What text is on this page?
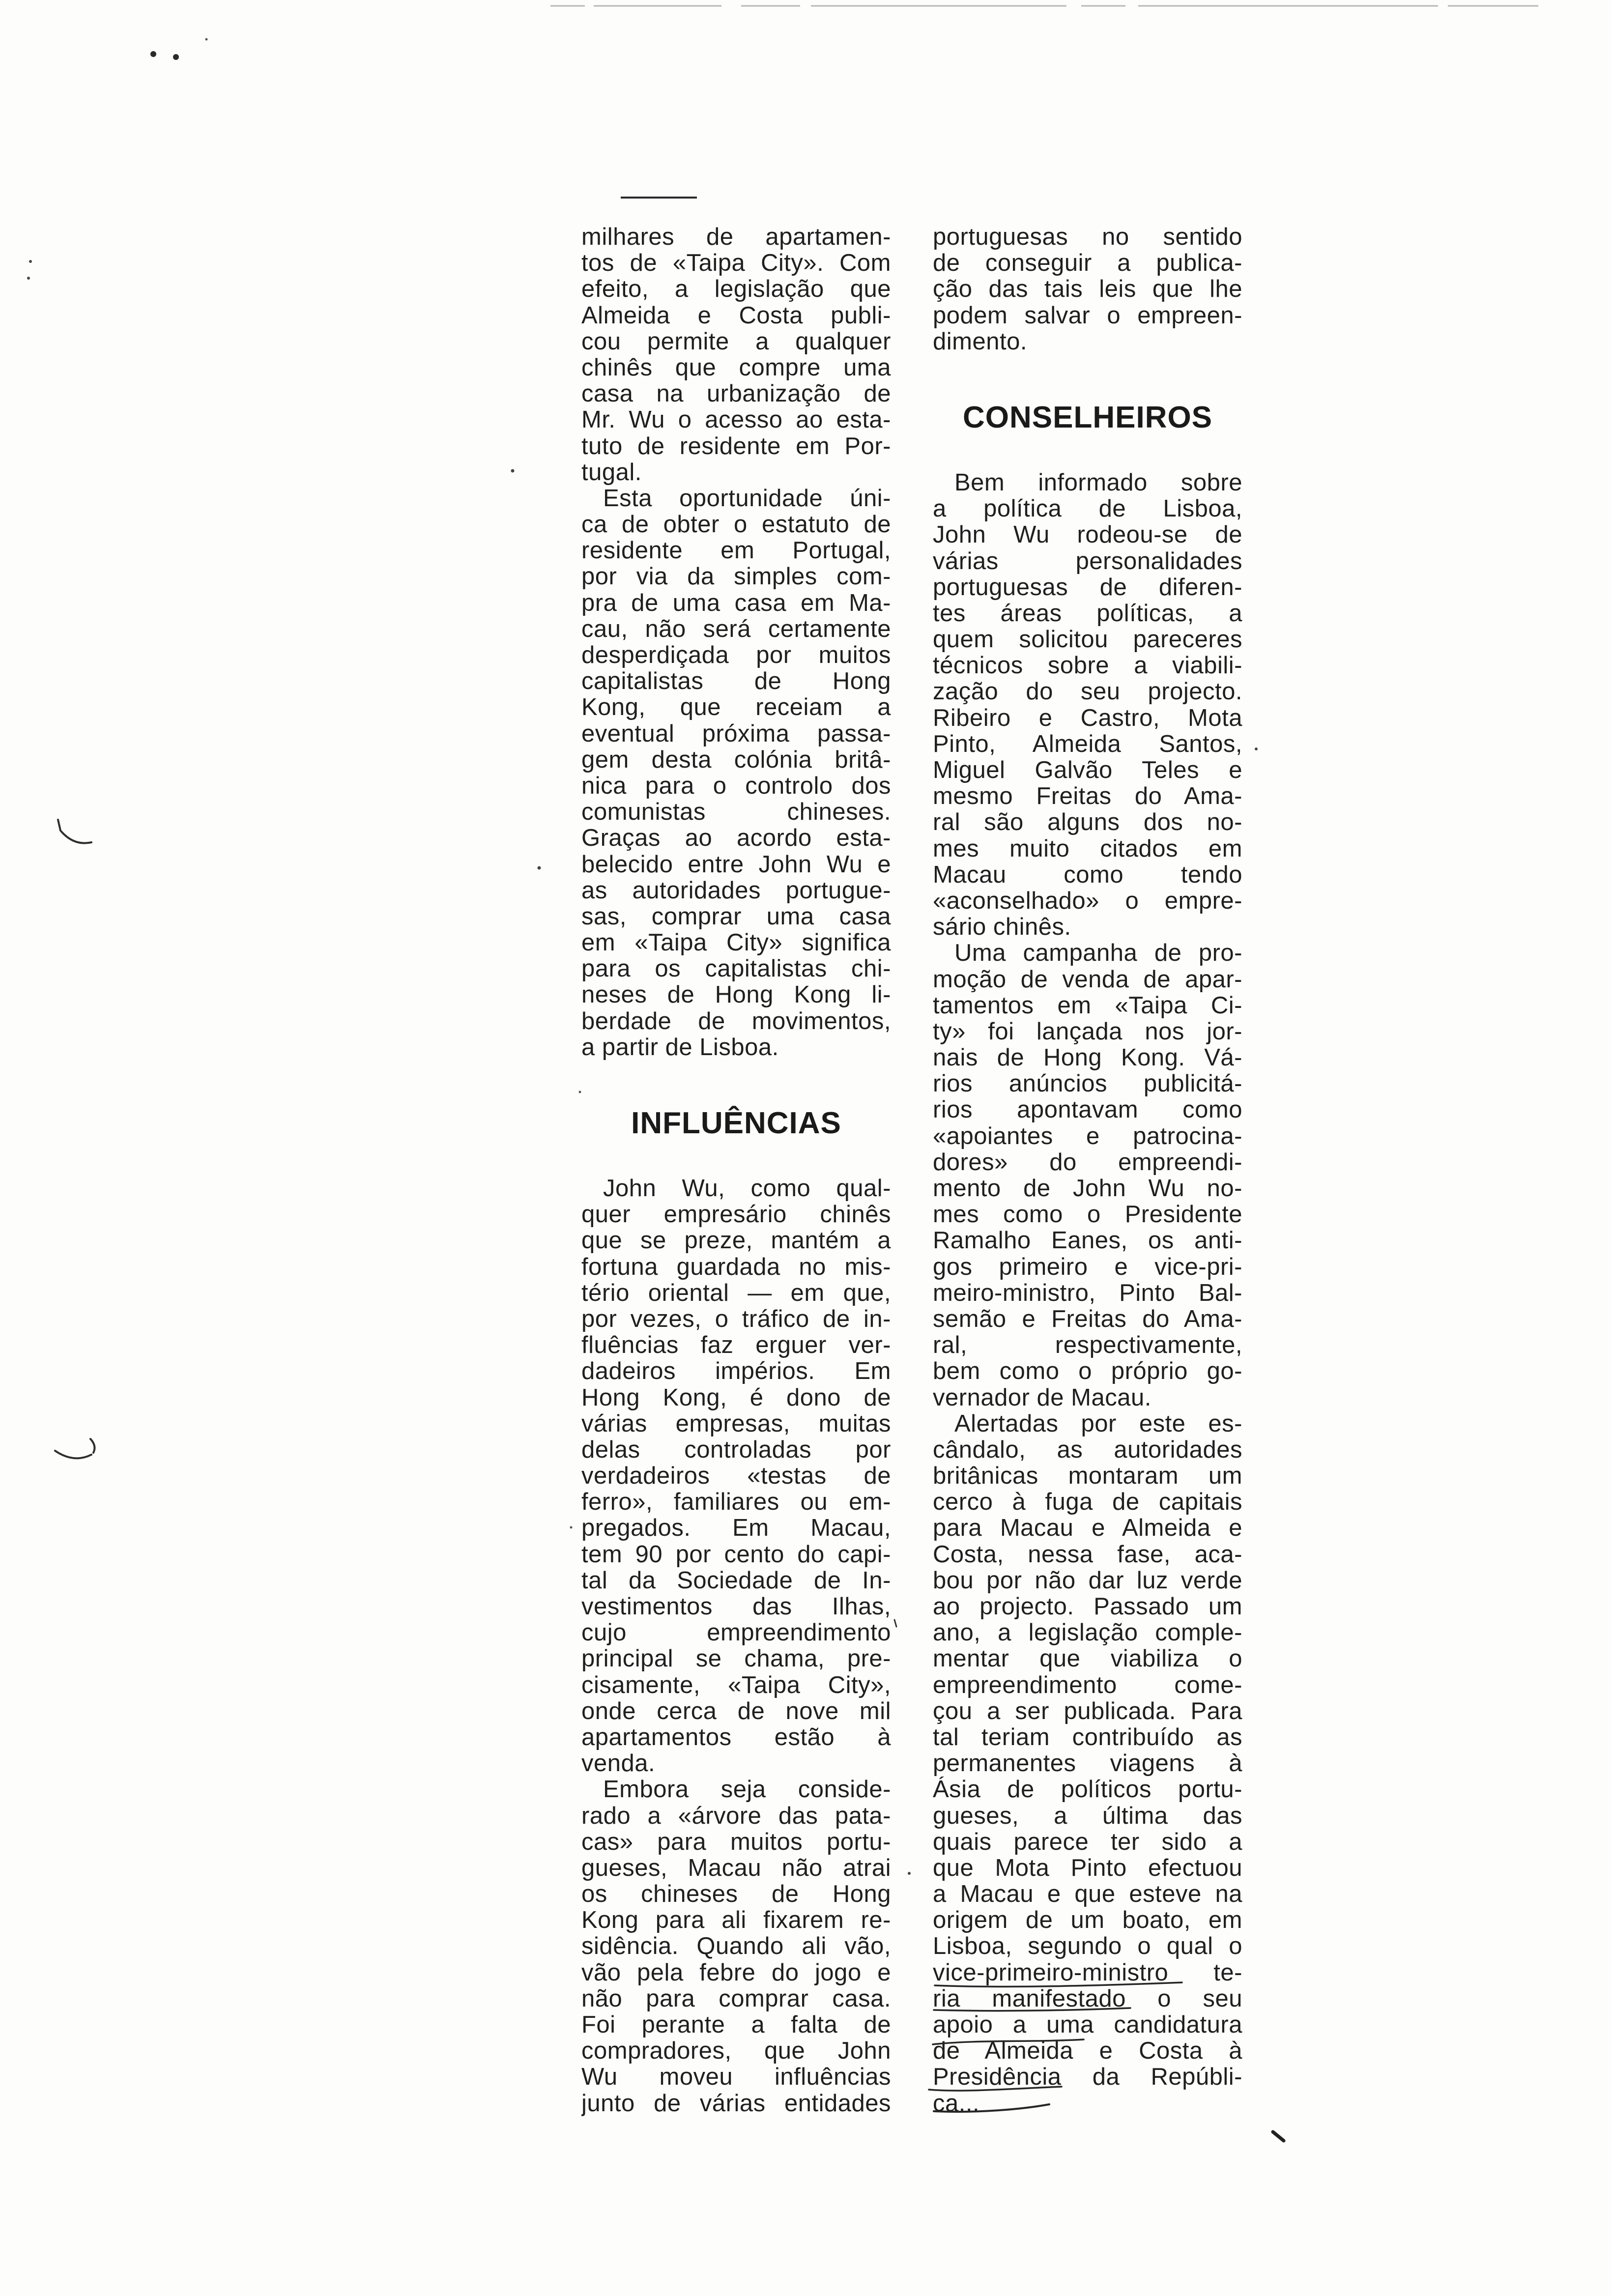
milhares de apartamen-
tos de «Taipa City». Com
efeito, a legislação que
Almeida e Costa publi-
cou permite a qualquer
chinês que compre uma
casa na urbanização de
Mr. Wu o acesso ao esta-
tuto de residente em Por-
tugal.
Esta oportunidade úni-
ca de obter o estatuto de
residente em Portugal,
por via da simples com-
pra de uma casa em Ma-
cau, não será certamente
desperdiçada por muitos
capitalistas de Hong
Kong, que receiam a
eventual próxima passa-
gem desta colónia britâ-
nica para o controlo dos
comunistas chineses.
Graças ao acordo esta-
belecido entre John Wu e
as autoridades portugue-
sas, comprar uma casa
em «Taipa City» significa
para os capitalistas chi-
neses de Hong Kong li-
berdade de movimentos,
a partir de Lisboa.
INFLUÊNCIAS
John Wu, como qual-
quer empresário chinês
que se preze, mantém a
fortuna guardada no mis-
tério oriental — em que,
por vezes, o tráfico de in-
fluências faz erguer ver-
dadeiros impérios. Em
Hong Kong, é dono de
várias empresas, muitas
delas controladas por
verdadeiros «testas de
ferro», familiares ou em-
pregados. Em Macau,
tem 90 por cento do capi-
tal da Sociedade de In-
vestimentos das Ilhas,
cujo empreendimento
principal se chama, pre-
cisamente, «Taipa City»,
onde cerca de nove mil
apartamentos estão à
venda.
Embora seja conside-
rado a «árvore das pata-
cas» para muitos portu-
gueses, Macau não atrai
os chineses de Hong
Kong para ali fixarem re-
sidência. Quando ali vão,
vão pela febre do jogo e
não para comprar casa.
Foi perante a falta de
compradores, que John
Wu moveu influências
junto de várias entidades
portuguesas no sentido
de conseguir a publica-
ção das tais leis que lhe
podem salvar o empreen-
dimento.
CONSELHEIROS
Bem informado sobre
a política de Lisboa,
John Wu rodeou-se de
várias personalidades
portuguesas de diferen-
tes áreas políticas, a
quem solicitou pareceres
técnicos sobre a viabili-
zação do seu projecto.
Ribeiro e Castro, Mota
Pinto, Almeida Santos,
Miguel Galvão Teles e
mesmo Freitas do Ama-
ral são alguns dos no-
mes muito citados em
Macau como tendo
«aconselhado» o empre-
sário chinês.
Uma campanha de pro-
moção de venda de apar-
tamentos em «Taipa Ci-
ty» foi lançada nos jor-
nais de Hong Kong. Vá-
rios anúncios publicitá-
rios apontavam como
«apoiantes e patrocina-
dores» do empreendi-
mento de John Wu no-
mes como o Presidente
Ramalho Eanes, os anti-
gos primeiro e vice-pri-
meiro-ministro, Pinto Bal-
semão e Freitas do Ama-
ral, respectivamente,
bem como o próprio go-
vernador de Macau.
Alertadas por este es-
cândalo, as autoridades
britânicas montaram um
cerco à fuga de capitais
para Macau e Almeida e
Costa, nessa fase, aca-
bou por não dar luz verde
ao projecto. Passado um
ano, a legislação comple-
mentar que viabiliza o
empreendimento come-
çou a ser publicada. Para
tal teriam contribuído as
permanentes viagens à
Ásia de políticos portu-
gueses, a última das
quais parece ter sido a
que Mota Pinto efectuou
a Macau e que esteve na
origem de um boato, em
Lisboa, segundo o qual o
vice-primeiro-ministro te-
ria manifestado o seu
apoio a uma candidatura
de Almeida e Costa à
Presidência da Repúbli-
ca...
